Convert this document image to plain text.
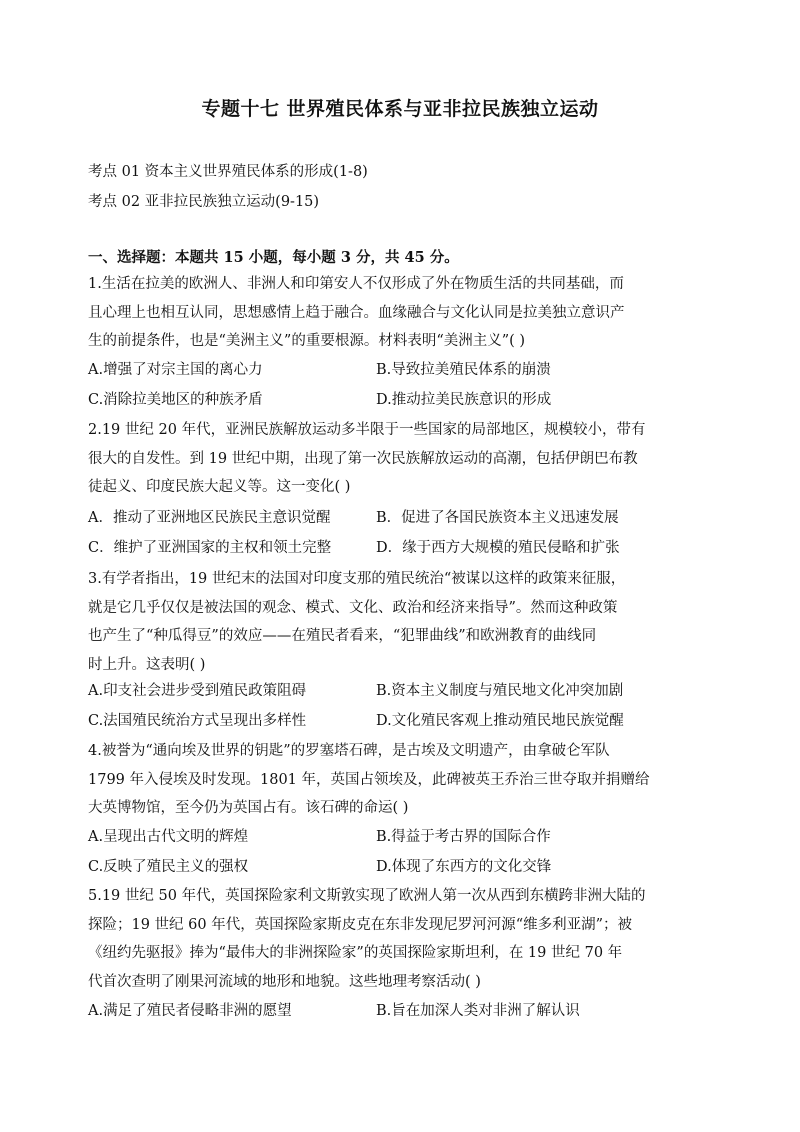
专题十七 世界殖民体系与亚非拉民族独立运动
考点 01 资本主义世界殖民体系的形成(1-8)
考点 02 亚非拉民族独立运动(9-15)
一、选择题：本题共 15 小题，每小题 3 分，共 45 分。

1.生活在拉美的欧洲人、非洲人和印第安人不仅形成了外在物质生活的共同基础，而

且心理上也相互认同，思想感情上趋于融合。血缘融合与文化认同是拉美独立意识产

生的前提条件，也是“美洲主义”的重要根源。材料表明“美洲主义”( )

A.增强了对宗主国的离心力	B.导致拉美殖民体系的崩溃
C.消除拉美地区的种族矛盾	D.推动拉美民族意识的形成

2.19 世纪 20 年代，亚洲民族解放运动多半限于一些国家的局部地区，规模较小，带有

很大的自发性。到 19 世纪中期，出现了第一次民族解放运动的高潮，包括伊朗巴布教

徒起义、印度民族大起义等。这一变化( )

A．推动了亚洲地区民族民主意识觉醒	B．促进了各国民族资本主义迅速发展
C．维护了亚洲国家的主权和领土完整	D．缘于西方大规模的殖民侵略和扩张

3.有学者指出，19 世纪末的法国对印度支那的殖民统治“被谋以这样的政策来征服，

就是它几乎仅仅是被法国的观念、模式、文化、政治和经济来指导”。然而这种政策

也产生了“种瓜得豆”的效应——在殖民者看来，“犯罪曲线”和欧洲教育的曲线同

时上升。这表明( )

A.印支社会进步受到殖民政策阻碍	B.资本主义制度与殖民地文化冲突加剧
C.法国殖民统治方式呈现出多样性	D.文化殖民客观上推动殖民地民族觉醒

4.被誉为“通向埃及世界的钥匙”的罗塞塔石碑，是古埃及文明遗产，由拿破仑军队

1799 年入侵埃及时发现。1801 年，英国占领埃及，此碑被英王乔治三世夺取并捐赠给

大英博物馆，至今仍为英国占有。该石碑的命运( )

A.呈现出古代文明的辉煌	B.得益于考古界的国际合作
C.反映了殖民主义的强权	D.体现了东西方的文化交锋

5.19 世纪 50 年代，英国探险家利文斯敦实现了欧洲人第一次从西到东横跨非洲大陆的

探险；19 世纪 60 年代，英国探险家斯皮克在东非发现尼罗河河源“维多利亚湖”；被

《纽约先驱报》捧为“最伟大的非洲探险家”的英国探险家斯坦利，在 19 世纪 70 年

代首次查明了刚果河流域的地形和地貌。这些地理考察活动( )

A.满足了殖民者侵略非洲的愿望	B.旨在加深人类对非洲了解认识
